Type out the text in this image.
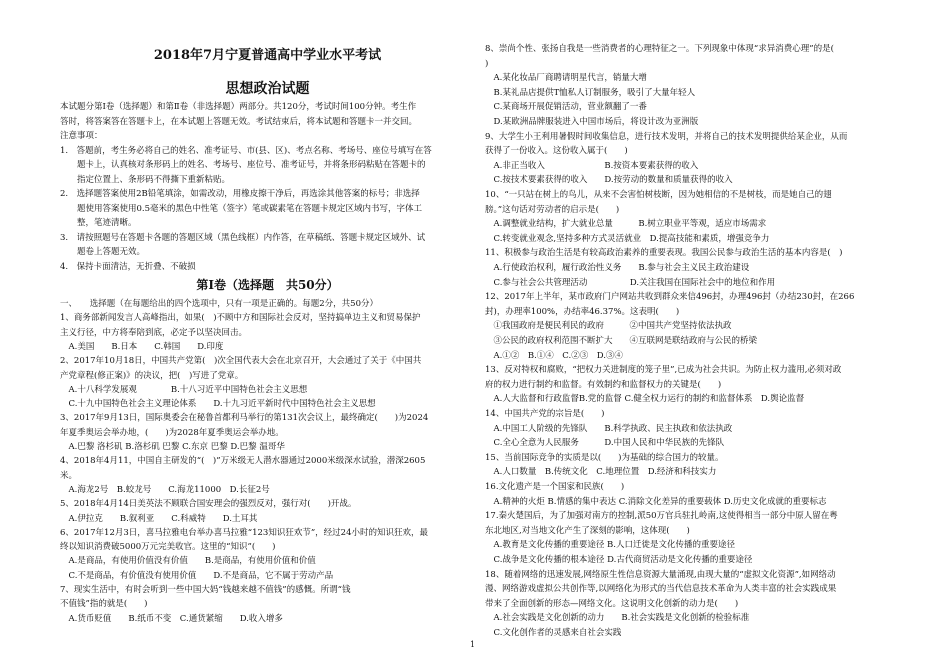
2018年7月宁夏普通高中学业水平考试
思想政治试题
本试题分第Ⅰ卷（选择题）和第Ⅱ卷（非选择题）两部分。共120分，考试时间100分钟。考生作
答时，将答案答在答题卡上，在本试题上答题无效。考试结束后，将本试题和答题卡一并交回。
注意事项：
1.　答题前，考生务必将自己的姓名、准考证号、市(县、区)、考点名称、考场号、座位号填写在答
　　题卡上，认真核对条形码上的姓名、考场号、座位号、准考证号，并将条形码粘贴在答题卡的
　　指定位置上、条形码不得撕下重新粘贴。
2.　选择题答案使用2B铅笔填涂，如需改动，用橡皮擦干净后，再选涂其他答案的标号；非选择
　　题使用答案使用0.5毫米的黑色中性笔（签字）笔或碳素笔在答题卡规定区域内书写，字体工
　　整，笔迹清晰。
3.　请按照题号在答题卡各题的答题区域（黑色线框）内作答，在草稿纸、答题卡规定区域外、试
　　题卷上答题无效。
4.　保持卡面清洁，无折叠、不破损
第Ⅰ卷（选择题　共50分）
一、　　选择题（在每题给出的四个选项中，只有一项是正确的。每题2分，共50分）
1、商务部新闻发言人高峰指出，如果(　)不顾中方和国际社会反对，坚持搞单边主义和贸易保护
主义行径，中方将奉陪到底，必定予以坚决回击。
　A.美国　　B.日本　　C.韩国　　D.印度
2、2017年10月18日，中国共产党第(　)次全国代表大会在北京召开，大会通过了关于《中国共
产党章程(修正案)》的决议，把(　)写进了党章。
　A.十八科学发展观　　　　B.十八习近平中国特色社会主义思想
　C.十九中国特色社会主义理论体系　　D.十九习近平新时代中国特色社会主义思想
3、2017年9月13日，国际奥委会在秘鲁首都利马举行的第131次会议上，最终确定(　　)为2024
年夏季奥运会举办地，(　　)为2028年夏季奥运会举办地。
　A.巴黎 洛杉矶 B.洛杉矶 巴黎 C.东京 巴黎 D.巴黎 温哥华
4、2018年4月11，中国自主研发的“(　)”万米级无人潜水器通过2000米级深水试验，潜深2605
米。
　A.海龙2号　B.蛟龙号　　C.海龙11000　D.长征2号
5、2018年4月14日美英法不顾联合国安理会的强烈反对，强行对(　　)开战。
　A.伊拉克　　B.叙利亚　　C.科威特　　D.土耳其
6、2017年12月3日，喜马拉雅电台举办喜马拉雅“123知识狂欢节”，经过24小时的知识狂欢，最
终以知识消费破5000万元完美收官。这里的“知识”(　　)
　A.是商品，有使用价值没有价值　　B.是商品，有使用价值和价值
　C.不是商品，有价值没有使用价值　　D.不是商品，它不属于劳动产品
7、现实生活中，有时会听到一些中国大妈“钱越来越不值钱”的感慨。所谓“钱
不值钱”指的就是(　　)
　A.货币贬值　　B.纸币不变　C.通货紧缩　　D.收入增多
8、崇尚个性、张扬自我是一些消费者的心理特征之一。下列现象中体现“求异消费心理”的是(
)
　A.某化妆品厂商聘请明星代言，销量大增
　B.某礼品店提供T恤私人订制服务，吸引了大量年轻人
　C.某商场开展促销活动，营业额翻了一番
　D.某欧洲品牌服装进入中国市场后，将设计改为亚洲版
9、大学生小王利用暑假时间收集信息，进行技术发明，并将自己的技术发明提供给某企业，从而
获得了一份收入。这份收入属于(　　)
　A.非正当收入　　　　　　　B.按资本要素获得的收入
　C.按技术要素获得的收入　　D.按劳动的数量和质量获得的收入
10、“一只站在树上的鸟儿，从来不会害怕树枝断，因为她相信的不是树枝，而是她自己的翅
膀。”这句话对劳动者的启示是(　　)
　A.调整就业结构，扩大就业总量　　　B.树立职业平等观，适应市场需求
　C.转变就业观念,坚持多种方式灵活就业　D.提高技能和素质，增强竞争力
11、积极参与政治生活是有较高政治素养的重要表现。我国公民参与政治生活的基本内容是(　)
　A.行使政治权利，履行政治性义务　　B.参与社会主义民主政治建设
　C.参与社会公共管理活动　　　　　D.关注我国在国际社会中的地位和作用
12、2017年上半年，某市政府门户网站共收到群众来信496封，办理496封（办结230封，在266
封)，办理率100%，办结率46.37%。这表明(　　)
　①我国政府是便民利民的政府　　　②中国共产党坚持依法执政
　③公民的政府权利范围不断扩大　　④互联网是联结政府与公民的桥梁
　A.①②　B.①④　C.②③　D.③④
13、反对特权和腐败，“把权力关进制度的笼子里”,已成为社会共识。为防止权力滥用,必须对政
府的权力进行制约和监督。有效制约和监督权力的关键是(　　)
　A.人大监督和行政监督B.党的监督 C.健全权力运行的制约和监督体系　D.舆论监督
14、中国共产党的宗旨是(　　)
　A.中国工人阶级的先锋队　　B.科学执政、民主执政和依法执政
　C.全心全意为人民服务　　　D.中国人民和中华民族的先锋队
15、当前国际竞争的实质是以(　　)为基础的综合国力的较量。
　A.人口数量　B.传统文化　C.地理位置　D.经济和科技实力
16.文化遗产是一个国家和民族(　　)
　A.精神的火炬 B.情感的集中表达 C.消除文化差异的重要载体 D.历史文化成就的重要标志
17.秦火楚国后，为了加强对南方的控制,派50万官兵驻扎岭南,这使得相当一部分中原人留在粤
东北地区,对当地文化产生了深刻的影响，这体现(　　)
　A.教育是文化传播的重要途径 B.人口迁徙是文化传播的重要途径
　C.战争是文化传播的根本途径 D.古代商贸活动是文化传播的重要途径
18、随着网络的迅速发展,网络原生性信息资源大量涌现,由现大量的“虚拟文化资源”,如网络动
漫、网络游戏虚拟公共创作等,以网络化为形式的当代信息技术革命为人类丰富的社会实践成果
带来了全面创新的形态—网络文化。这说明文化创新的动力是(　　)
　A.社会实践是文化创新的动力　　B.社会实践是文化创新的检验标准
　C.文化创作者的灵感来自社会实践
1
